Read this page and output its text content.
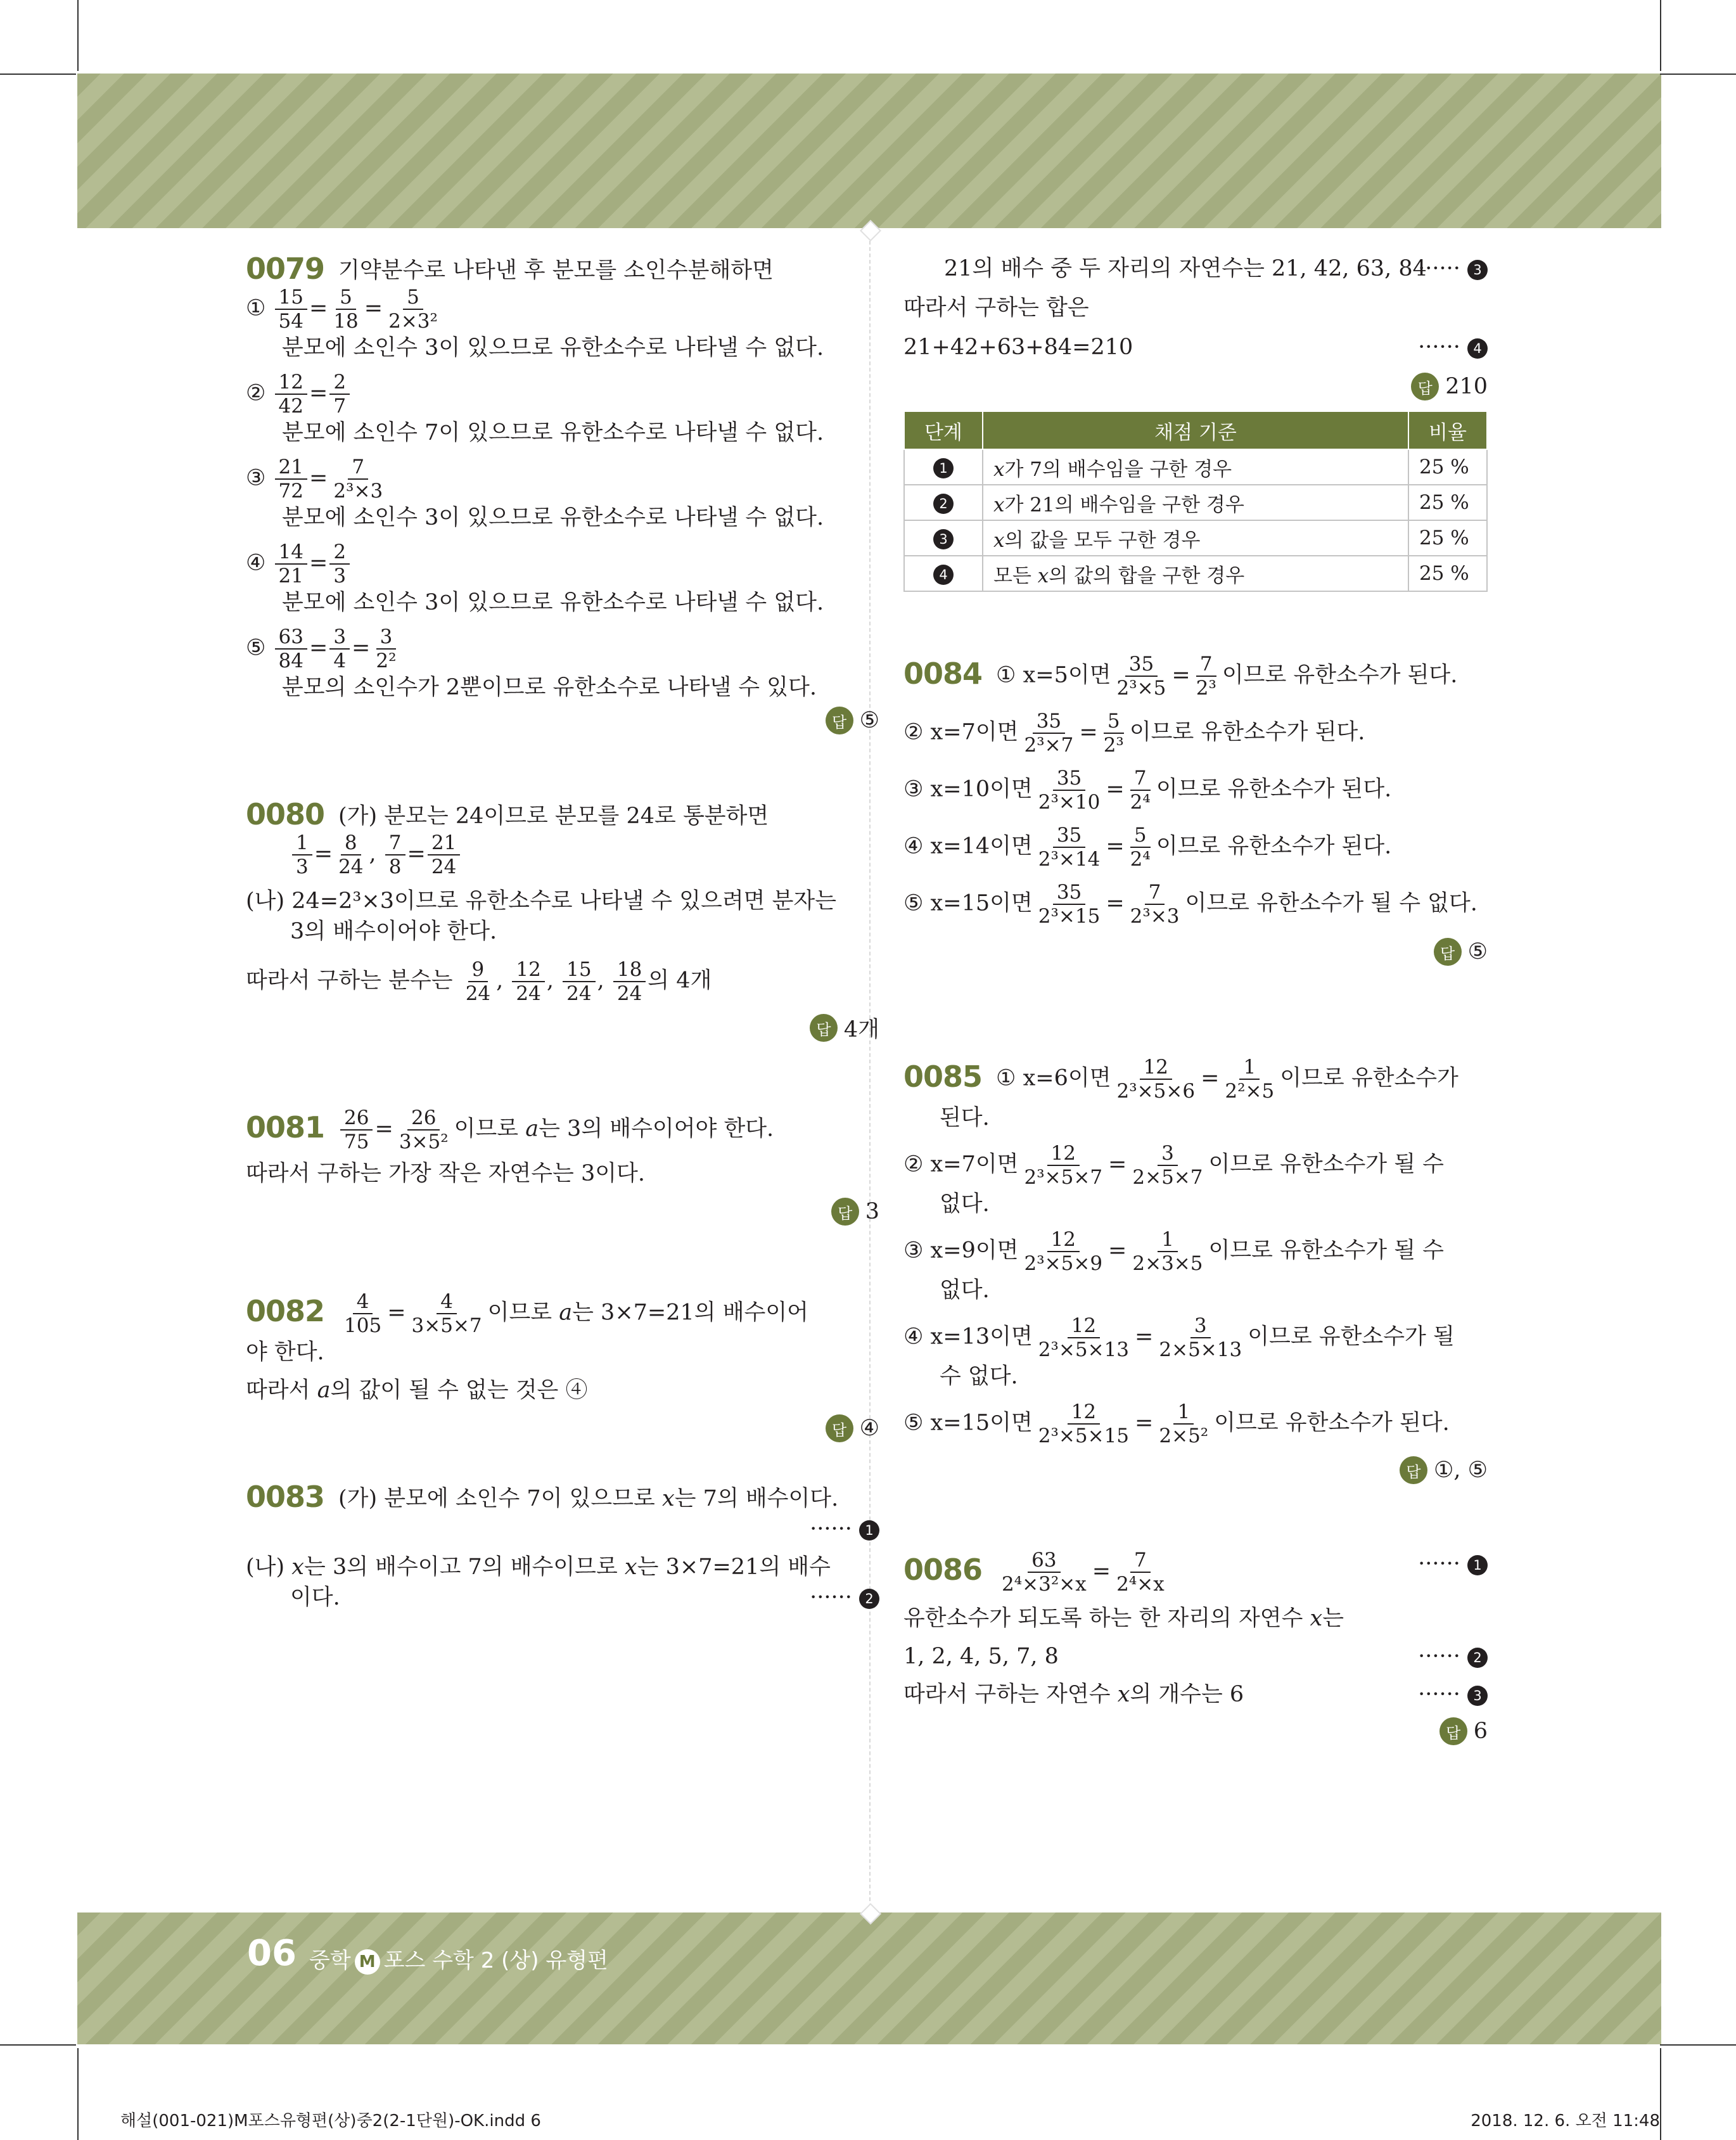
0079 기약분수로 나타낸 후 분모를 소인수분해하면
① $\frac{15}{54} = \frac{5}{18} = \frac{5}{\text{2×3²}}$
분모에 소인수 3이 있으므로 유한소수로 나타낼 수 없다.
② $\frac{12}{42} = \frac{2}{7}$
분모에 소인수 7이 있으므로 유한소수로 나타낼 수 없다.
③ $\frac{21}{72} = \frac{7}{\text{2³×3}}$
분모에 소인수 3이 있으므로 유한소수로 나타낼 수 없다.
④ $\frac{14}{21} = \frac{2}{3}$
분모에 소인수 3이 있으므로 유한소수로 나타낼 수 없다.
⑤ $\frac{63}{84} = \frac{3}{4} = \frac{3}{\text{2²}}$
분모의 소인수가 2뿐이므로 유한소수로 나타낼 수 있다.
답 ⑤
0080 (가) 분모는 24이므로 분모를 24로 통분하면
$\frac{1}{3} = \frac{8}{24}$ , $\frac{7}{8} = \frac{21}{24}$
(나) 24=2³×3이므로 유한소수로 나타낼 수 있으려면 분자는
3의 배수이어야 한다.
따라서 구하는 분수는 $\frac{9}{24}$ , $\frac{12}{24}$ , $\frac{15}{24}$ , $\frac{18}{24}$ 의 4개
답 4개
$0081 \frac{26}{75} = \frac{26}{\text{3×5²}}$ 이므로 a는 3의 배수이어야 한다.
따라서 구하는 가장 작은 자연수는 3이다.
답 3
$0082 \frac{4}{105} = \frac{4}{3\times 5\times 7}$ 이므로 a는 3×7=21의 배수이어
야 한다.
따라서 a의 값이 될 수 없는 것은 ④
답 ④
0083 (가) 분모에 소인수 7이 있으므로 x는 7의 배수이다.
······ 1
(나) x는 3의 배수이고 7의 배수이므로 x는 3×7=21의 배수
이다.	······ 2
21의 배수 중 두 자리의 자연수는 21, 42, 63, 84
······ 3
따라서 구하는 합은
21+42+63+84=210	······ 4
답 210
단계	채점 기준	비율
1	x가 7의 배수임을 구한 경우	25 %
2	x가 21의 배수임을 구한 경우	25 %
3	x의 값을 모두 구한 경우	25 %
4	모든 x의 값의 합을 구한 경우	25 %
0084 ① x=5이면 $\frac{35}{\text{2³×5}} = \frac{7}{\text{2³}}$ 이므로 유한소수가 된다.
② x=7이면 $\frac{35}{\text{2³×7}} = \frac{5}{\text{2³}}$ 이므로 유한소수가 된다.
③ x=10이면 $\frac{35}{\text{2³×10}} = \frac{7}{\text{2⁴}}$ 이므로 유한소수가 된다.
④ x=14이면 $\frac{35}{\text{2³×14}} = \frac{5}{\text{2⁴}}$ 이므로 유한소수가 된다.
⑤ x=15이면 $\frac{35}{\text{2³×15}} = \frac{7}{\text{2³×3}}$ 이므로 유한소수가 될 수 없다.
답 ⑤
0085 ① x=6이면 $\frac{12}{\text{2³×5×6}} = \frac{1}{\text{2²×5}}$ 이므로 유한소수가
된다.
② x=7이면 $\frac{12}{\text{2³×5×7}} = \frac{3}{2\times 5\times 7}$ 이므로 유한소수가 될 수
없다.
③ x=9이면 $\frac{12}{\text{2³×5×9}} = \frac{1}{2\times 3\times 5}$ 이므로 유한소수가 될 수
없다.
④ x=13이면 $\frac{12}{\text{2³×5×13}} = \frac{3}{2\times 5\times 13}$ 이므로 유한소수가 될
수 없다.
⑤ x=15이면 $\frac{12}{\text{2³×5×15}} = \frac{1}{\text{2×5²}}$ 이므로 유한소수가 된다.
답 ①, ⑤
$0086 \frac{63}{\text{2⁴×3²×x}} = \frac{7}{\text{2⁴×x}}$	······ 1
유한소수가 되도록 하는 한 자리의 자연수 x는
1, 2, 4, 5, 7, 8	······ 2
따라서 구하는 자연수 x의 개수는 6	······ 3
답 6
06 중학 M 포스 수학 2 (상) 유형편
해설(001-021)M포스유형편(상)중2(2-1단원)-OK.indd 6	2018. 12. 6. 오전 11:48
